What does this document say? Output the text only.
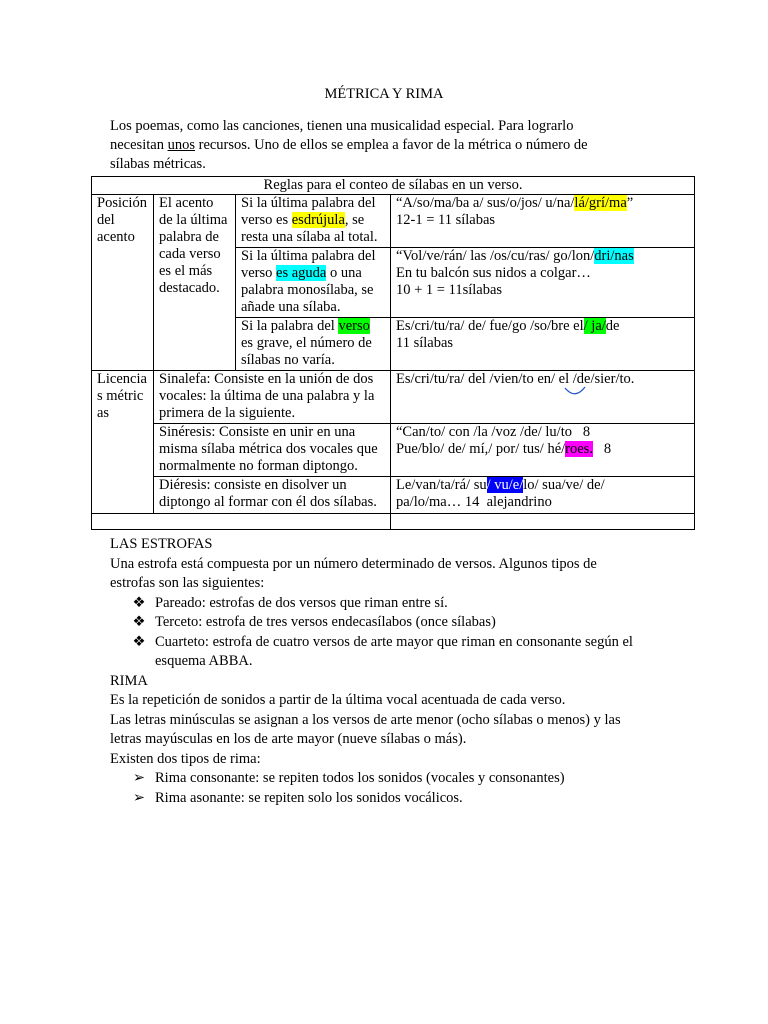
MÉTRICA Y RIMA
Los poemas, como las canciones, tienen una musicalidad especial. Para lograrlo necesitan unos recursos. Uno de ellos se emplea a favor de la métrica o número de sílabas métricas.
Reglas para el conteo de sílabas en un verso.			
Posición del acento	El acento de la última palabra de cada verso es el más destacado.	Si la última palabra del verso es esdrújula, se resta una sílaba al total.	“A/so/ma/ba a/ sus/o/jos/ u/na/lá/grí/ma”
12-1 = 11 sílabas

		Si la última palabra del verso es aguda o una palabra monosílaba, se añade una sílaba.	“Vol/ve/rán/ las /os/cu/ras/ go/lon/dri/nas
En tu balcón sus nidos a colgar…
10 + 1 = 11sílabas

		Si la palabra del verso es grave, el número de sílabas no varía.	Es/cri/tu/ra/ de/ fue/go /so/bre el/ ja/de
11 sílabas

Licencias métricas	Sinalefa: Consiste en la unión de dos vocales: la última de una palabra y la primera de la siguiente.		Es/cri/tu/ra/ del /vien/to en/ el /de/sier/to.
	Sinéresis: Consiste en unir en una misma sílaba métrica dos vocales que normalmente no forman diptongo.		“Can/to/ con /la /voz /de/ lu/to   8
Pue/blo/ de/ mí,/ por/ tus/ hé/roes.   8
	Diéresis: consiste en disolver un diptongo al formar con él dos sílabas.		Le/van/ta/rá/ su/ vu/e/lo/ sua/ve/ de/
pa/lo/ma… 14  alejandrino

LAS ESTROFAS
Una estrofa está compuesta por un número determinado de versos. Algunos tipos de estrofas son las siguientes:
❖ Pareado: estrofas de dos versos que riman entre sí.
❖ Terceto: estrofa de tres versos endecasílabos (once sílabas)
❖ Cuarteto: estrofa de cuatro versos de arte mayor que riman en consonante según el esquema ABBA.
RIMA
Es la repetición de sonidos a partir de la última vocal acentuada de cada verso.
Las letras minúsculas se asignan a los versos de arte menor (ocho sílabas o menos) y las letras mayúsculas en los de arte mayor (nueve sílabas o más).
Existen dos tipos de rima:
➢ Rima consonante: se repiten todos los sonidos (vocales y consonantes)
➢ Rima asonante: se repiten solo los sonidos vocálicos.
